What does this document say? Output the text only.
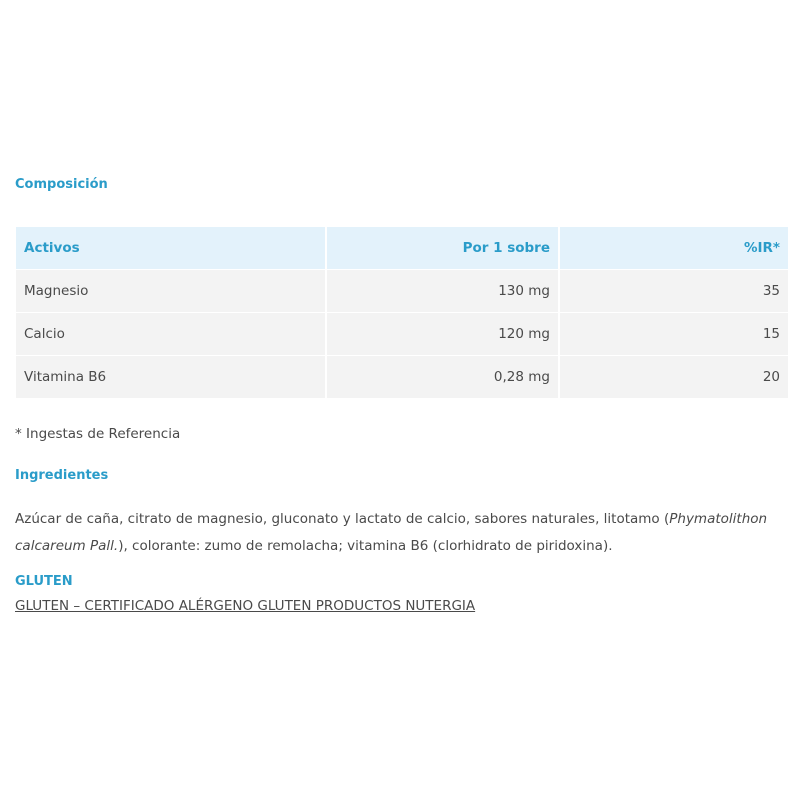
Composición
Activos	Por 1 sobre	%IR*
Magnesio	130 mg	35
Calcio	120 mg	15
Vitamina B6	0,28 mg	20
* Ingestas de Referencia
Ingredientes
Azúcar de caña, citrato de magnesio, gluconato y lactato de calcio, sabores naturales, litotamo (Phymatolithon calcareum Pall.), colorante: zumo de remolacha; vitamina B6 (clorhidrato de piridoxina).
GLUTEN
GLUTEN – CERTIFICADO ALÉRGENO GLUTEN PRODUCTOS NUTERGIA
